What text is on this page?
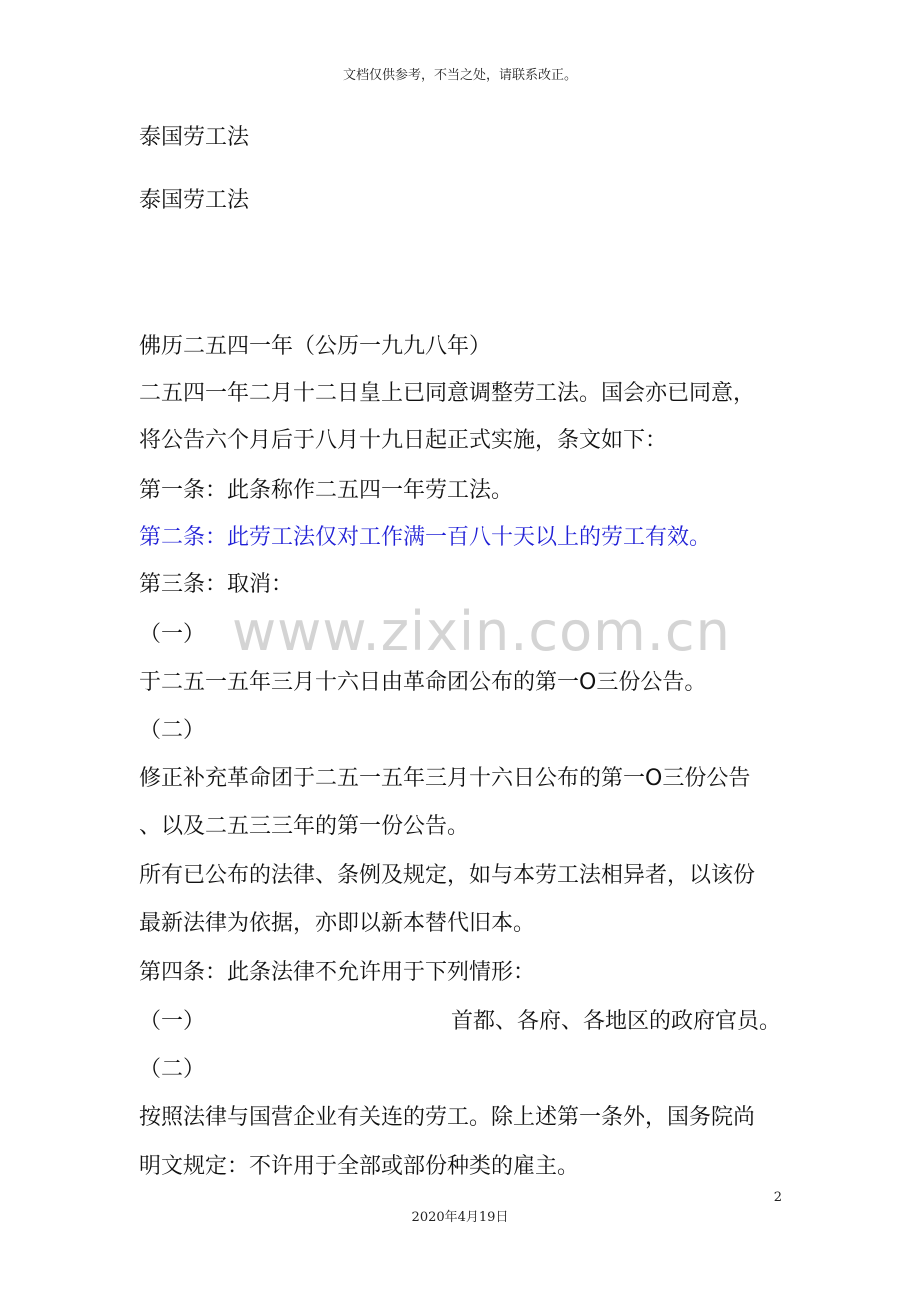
文档仅供参考，不当之处，请联系改正。
www.zixin.com.cn
泰国劳工法
泰国劳工法
佛历二五四一年（公历一九九八年）
二五四一年二月十二日皇上已同意调整劳工法。国会亦已同意，
将公告六个月后于八月十九日起正式实施，条文如下：
第一条：此条称作二五四一年劳工法。
第二条：此劳工法仅对工作满一百八十天以上的劳工有效。
第三条：取消：
（一）
于二五一五年三月十六日由革命团公布的第一O三份公告。
（二）
修正补充革命团于二五一五年三月十六日公布的第一O三份公告
、以及二五三三年的第一份公告。
所有已公布的法律、条例及规定，如与本劳工法相异者，以该份
最新法律为依据，亦即以新本替代旧本。
第四条：此条法律不允许用于下列情形：
（一）	首都、各府、各地区的政府官员。
（二）
按照法律与国营企业有关连的劳工。除上述第一条外，国务院尚
明文规定：不许用于全部或部份种类的雇主。
2
2020年4月19日
